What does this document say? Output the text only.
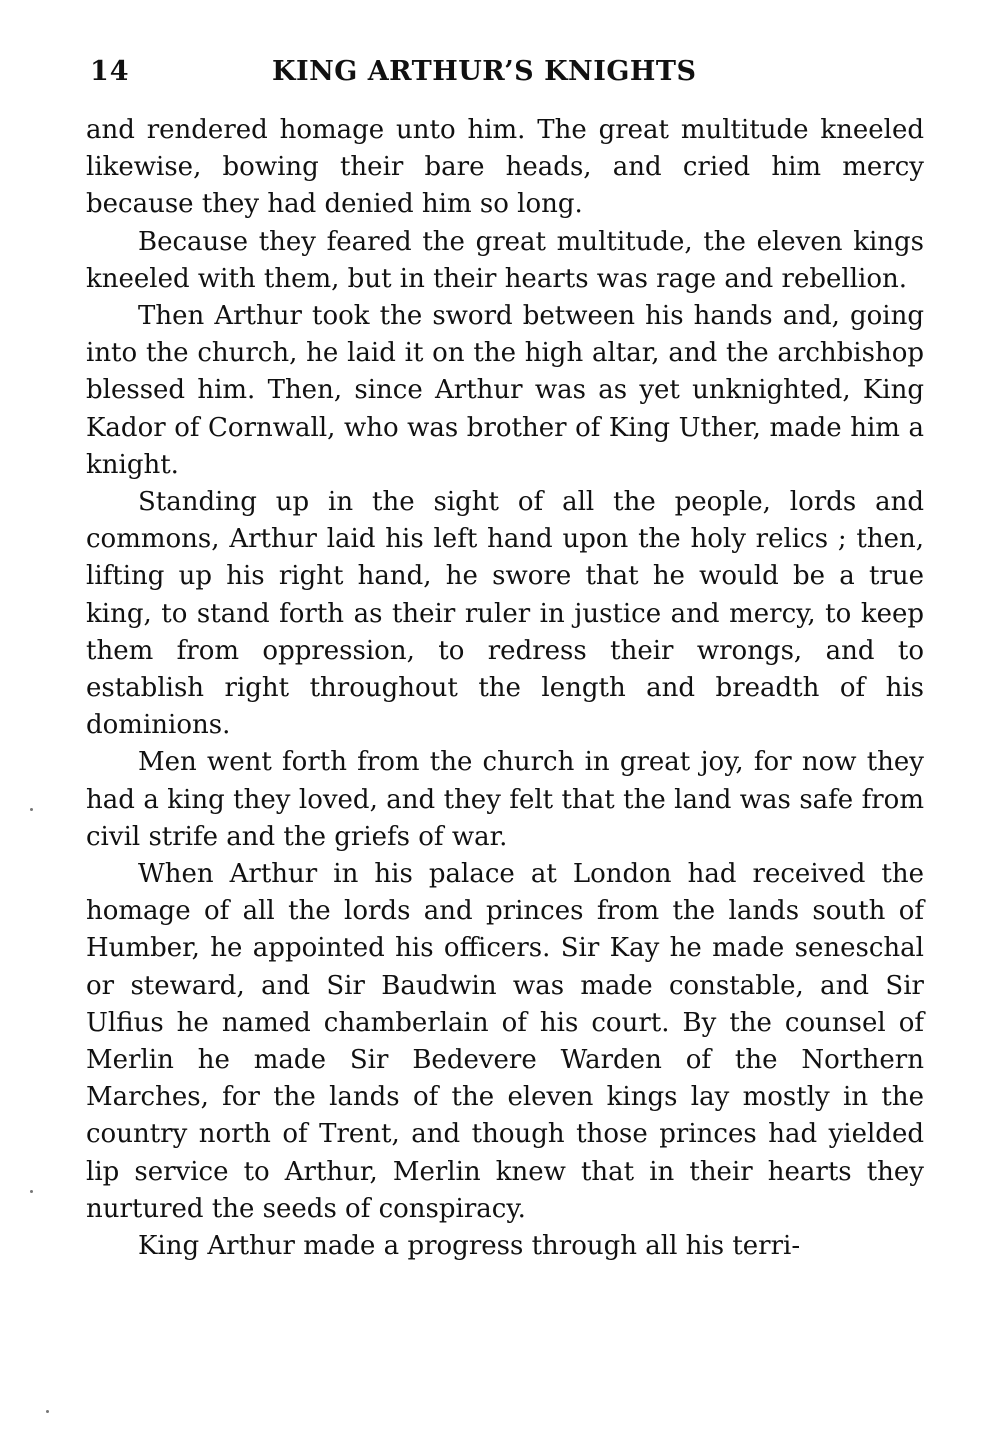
14	KING ARTHUR’S KNIGHTS

and rendered homage unto him. The great multitude kneeled likewise, bowing their bare heads, and cried him mercy because they had denied him so long.

Because they feared the great multitude, the eleven kings kneeled with them, but in their hearts was rage and rebellion.

Then Arthur took the sword between his hands and, going into the church, he laid it on the high altar, and the archbishop blessed him. Then, since Arthur was as yet unknighted, King Kador of Cornwall, who was brother of King Uther, made him a knight.

Standing up in the sight of all the people, lords and commons, Arthur laid his left hand upon the holy relics ; then, lifting up his right hand, he swore that he would be a true king, to stand forth as their ruler in justice and mercy, to keep them from oppression, to redress their wrongs, and to establish right throughout the length and breadth of his dominions.

Men went forth from the church in great joy, for now they had a king they loved, and they felt that the land was safe from civil strife and the griefs of war.

When Arthur in his palace at London had received the homage of all the lords and princes from the lands south of Humber, he appointed his officers. Sir Kay he made seneschal or steward, and Sir Baudwin was made constable, and Sir Ulfius he named chamberlain of his court. By the counsel of Merlin he made Sir Bedevere Warden of the Northern Marches, for the lands of the eleven kings lay mostly in the country north of Trent, and though those princes had yielded lip service to Arthur, Merlin knew that in their hearts they nurtured the seeds of conspiracy.

King Arthur made a progress through all his terri-
